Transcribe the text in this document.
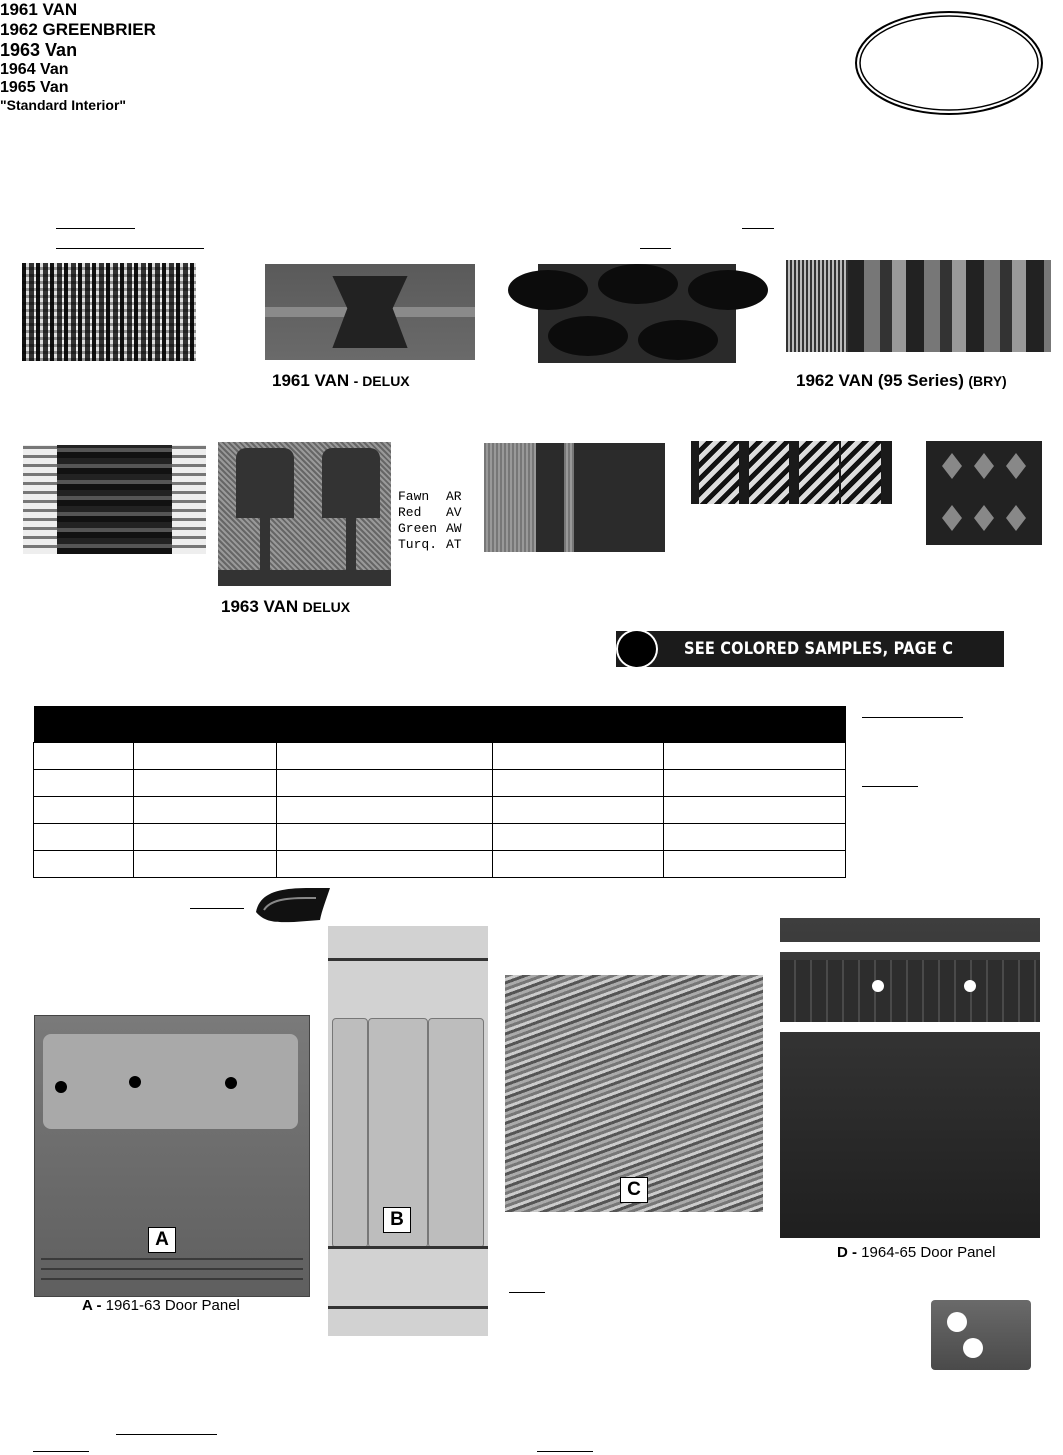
1961 VAN
1961 VAN - DELUX
1962 GREENBRIER
1962 VAN (95 Series) (BRY)
1963 Van
1963 VAN DELUX
Fawn AR
Red AV
Green AW
Turq. AT
1964 Van
1965 Van
"Standard Interior"
SEE COLORED SAMPLES, PAGE C

A
A - 1961-63 Door Panel
B
C
D - 1964-65 Door Panel
